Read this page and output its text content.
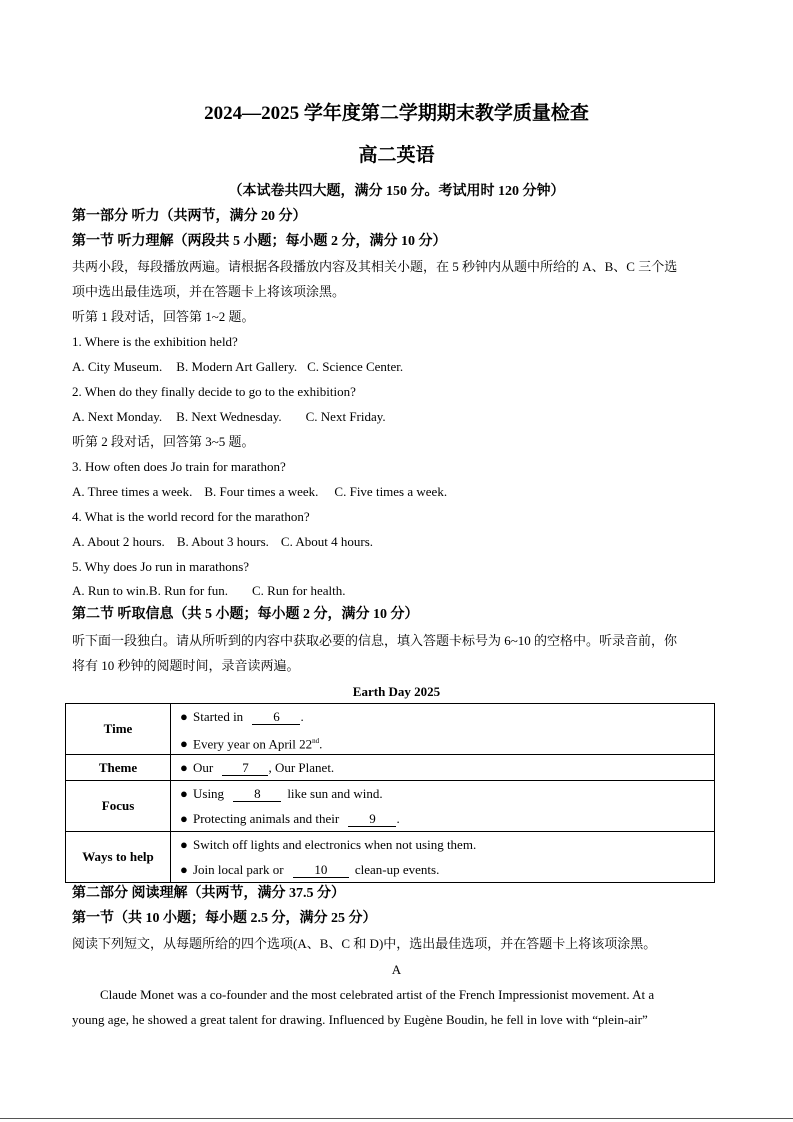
2024—2025 学年度第二学期期末教学质量检查
高二英语
（本试卷共四大题，满分 150 分。考试用时 120 分钟）
第一部分 听力（共两节，满分 20 分）
第一节 听力理解（两段共 5 小题；每小题 2 分，满分 10 分）
共两小段，每段播放两遍。请根据各段播放内容及其相关小题，在 5 秒钟内从题中所给的 A、B、C 三个选
项中选出最佳选项，并在答题卡上将该项涂黑。
听第 1 段对话，回答第 1~2 题。
1. Where is the exhibition held?
A. City Museum. B. Modern Art Gallery. C. Science Center.
2. When do they finally decide to go to the exhibition?
A. Next Monday. B. Next Wednesday. C. Next Friday.
听第 2 段对话，回答第 3~5 题。
3. How often does Jo train for marathon?
A. Three times a week. B. Four times a week. C. Five times a week.
4. What is the world record for the marathon?
A. About 2 hours. B. About 3 hours. C. About 4 hours.
5. Why does Jo run in marathons?
A. Run to win.B. Run for fun. C. Run for health.
第二节 听取信息（共 5 小题；每小题 2 分，满分 10 分）
听下面一段独白。请从所听到的内容中获取必要的信息，填入答题卡标号为 6~10 的空格中。听录音前，你
将有 10 秒钟的阅题时间，录音读两遍。
Earth Day 2025
Time	● Started in 6 .
● Every year on April 22nd.

Theme	● Our 7 , Our Planet.

Focus	● Using 8 like sun and wind.
● Protecting animals and their 9 .

Ways to help	● Switch off lights and electronics when not using them.
● Join local park or 10 clean-up events.
第二部分 阅读理解（共两节，满分 37.5 分）
第一节（共 10 小题；每小题 2.5 分，满分 25 分）
阅读下列短文，从每题所给的四个选项(A、B、C 和 D)中，选出最佳选项，并在答题卡上将该项涂黑。
A
Claude Monet was a co-founder and the most celebrated artist of the French Impressionist movement. At a
young age, he showed a great talent for drawing. Influenced by Eugène Boudin, he fell in love with “plein-air”
